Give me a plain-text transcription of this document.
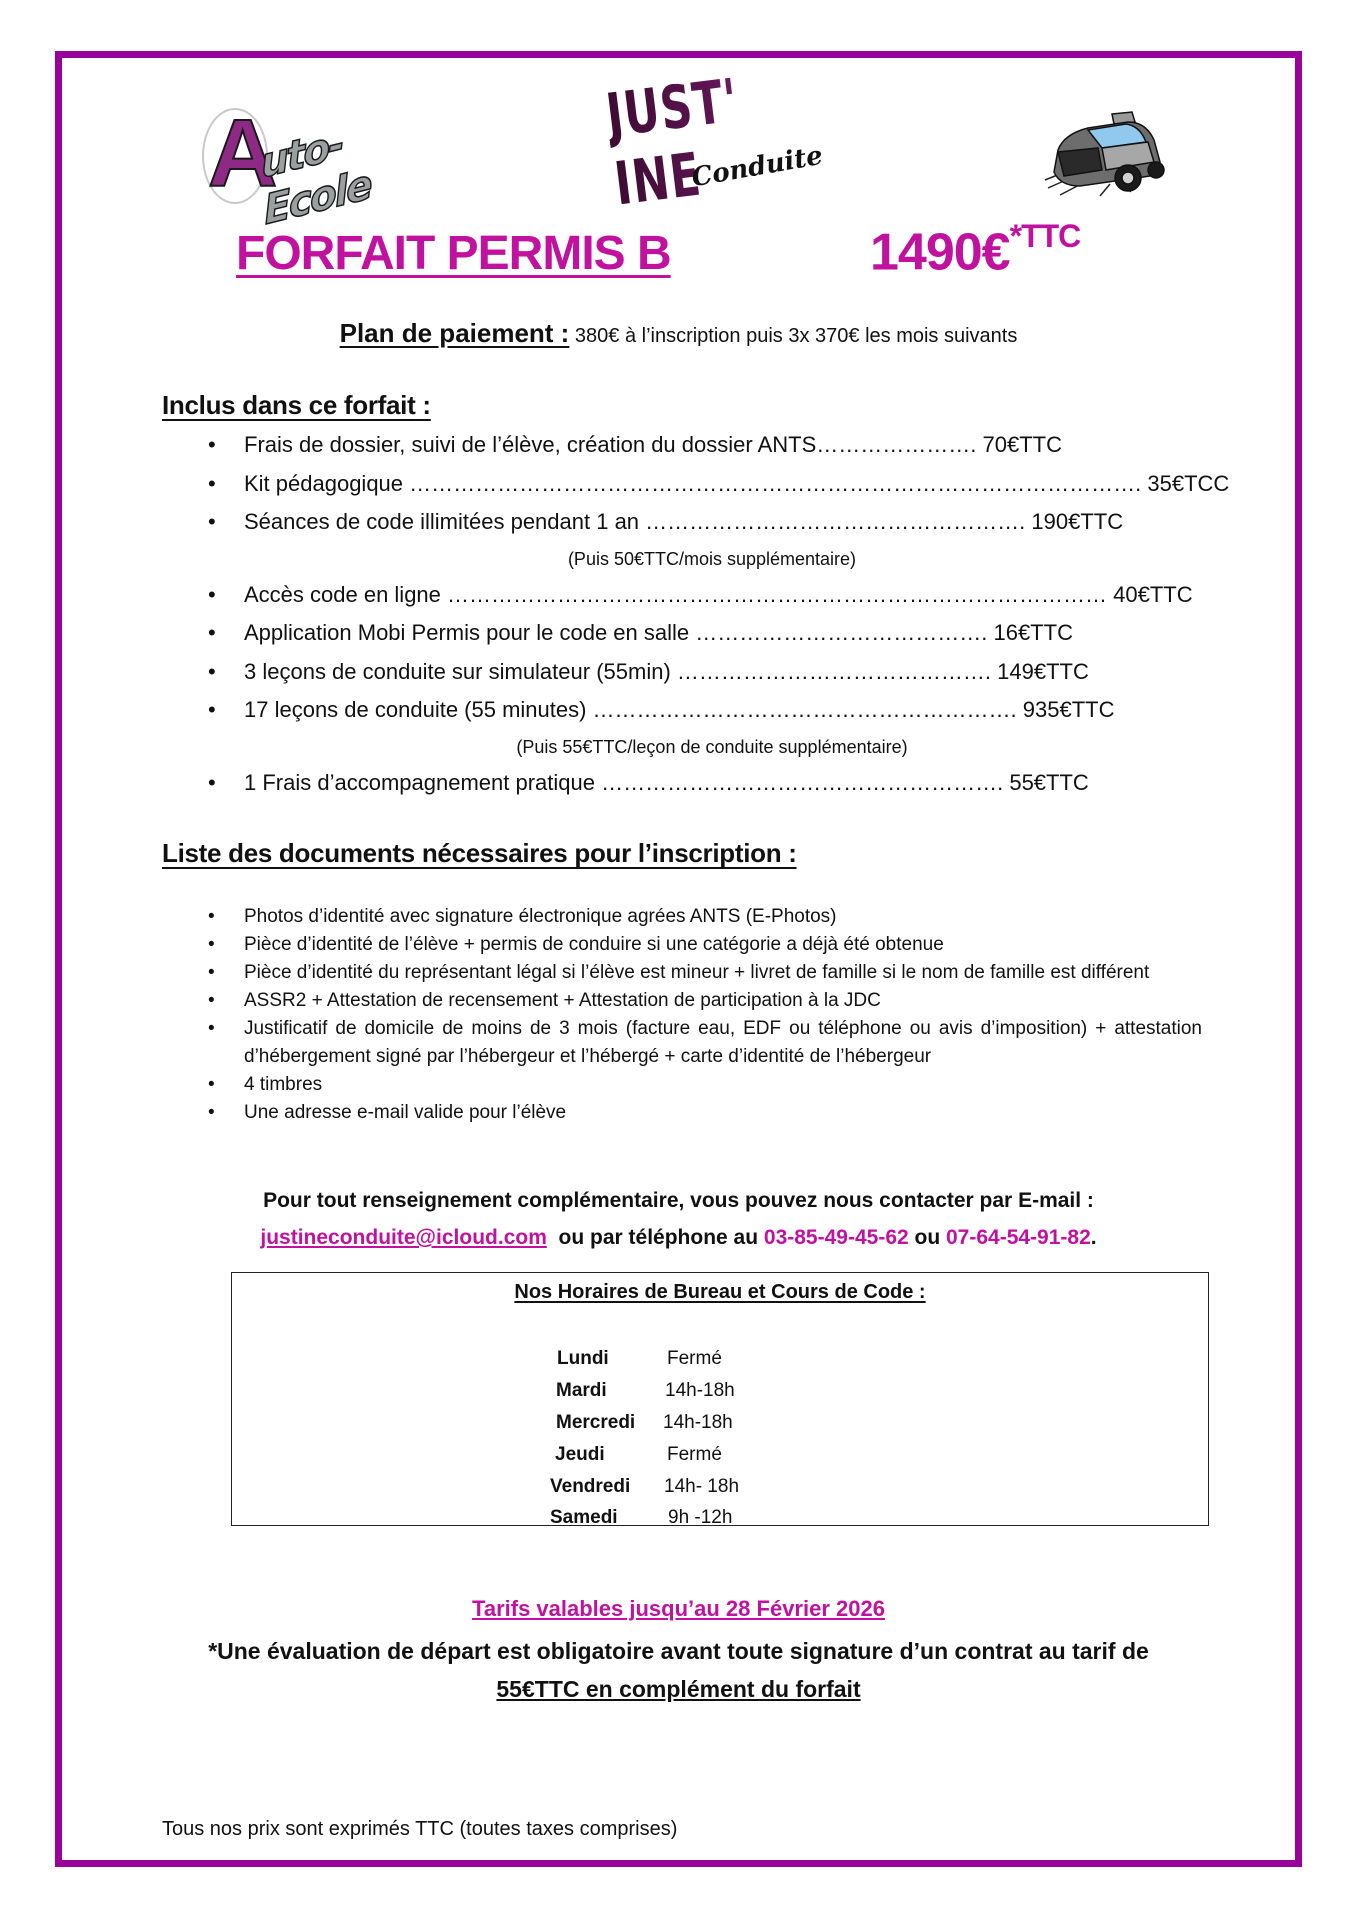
A
uto-Ecole
JUST' INE
Conduite
FORFAIT PERMIS B	1490€$^{*TTC}$
Plan de paiement : 380€ à l’inscription puis 3x 370€ les mois suivants
Inclus dans ce forfait :
• Frais de dossier, suivi de l’élève, création du dossier ANTS…………………. 70€TTC
• Kit pédagogique ………………………………………………………………………………………. 35€TCC
• Séances de code illimitées pendant 1 an ……………………………………………. 190€TTC
(Puis 50€TTC/mois supplémentaire)
• Accès code en ligne ……………………………………………………………………………… 40€TTC
• Application Mobi Permis pour le code en salle …………………………………. 16€TTC
• 3 leçons de conduite sur simulateur (55min) ……………………………………. 149€TTC
• 17 leçons de conduite (55 minutes) …………………………………………………. 935€TTC
(Puis 55€TTC/leçon de conduite supplémentaire)
• 1 Frais d’accompagnement pratique ………………………………………………. 55€TTC
Liste des documents nécessaires pour l’inscription :
• Photos d’identité avec signature électronique agrées ANTS (E-Photos)
• Pièce d’identité de l’élève + permis de conduire si une catégorie a déjà été obtenue
• Pièce d’identité du représentant légal si l’élève est mineur + livret de famille si le nom de famille est différent
• ASSR2 + Attestation de recensement + Attestation de participation à la JDC
• Justificatif de domicile de moins de 3 mois (facture eau, EDF ou téléphone ou avis d’imposition) + attestation d’hébergement signé par l’hébergeur et l’hébergé + carte d’identité de l’hébergeur
• 4 timbres
• Une adresse e-mail valide pour l’élève
Pour tout renseignement complémentaire, vous pouvez nous contacter par E-mail :
justineconduite@icloud.com  ou par téléphone au 03-85-49-45-62 ou 07-64-54-91-82.
Nos Horaires de Bureau et Cours de Code :
Lundi	Fermé
Mardi	14h-18h
Mercredi 14h-18h
Jeudi	Fermé
Vendredi 14h- 18h
Samedi	9h -12h
Tarifs valables jusqu’au 28 Février 2026
*Une évaluation de départ est obligatoire avant toute signature d’un contrat au tarif de
55€TTC en complément du forfait
Tous nos prix sont exprimés TTC (toutes taxes comprises)
